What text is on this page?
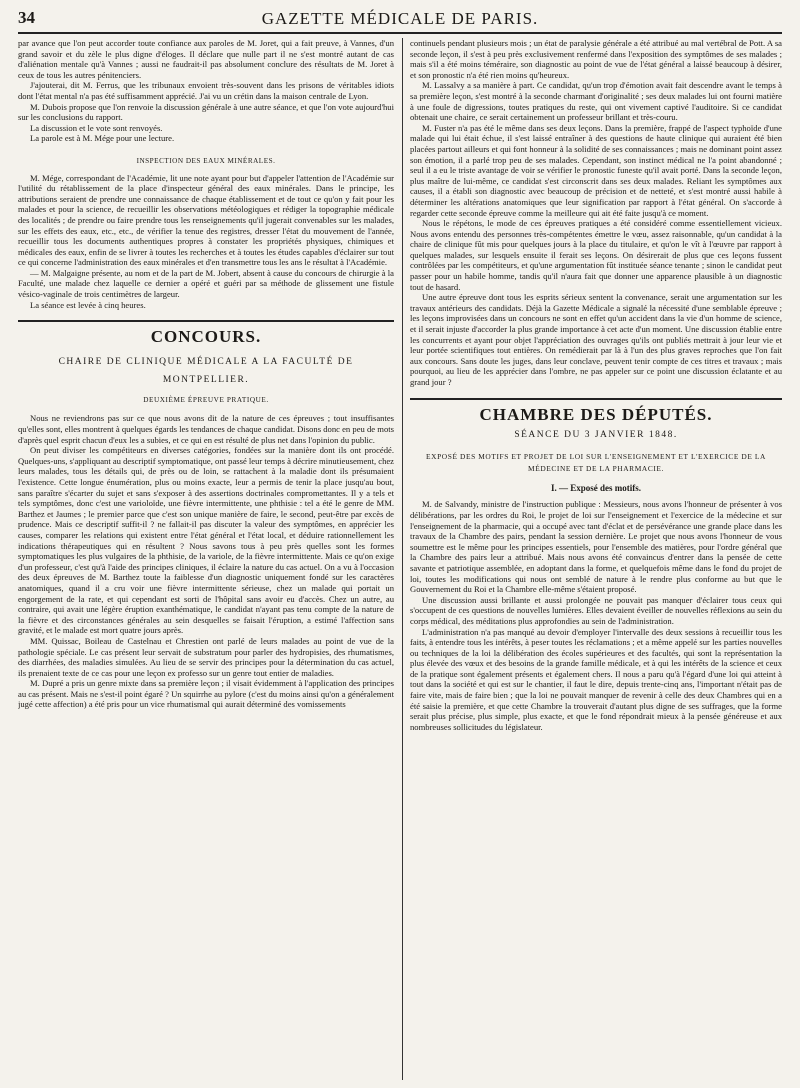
34	GAZETTE MÉDICALE DE PARIS.

par avance que l'on peut accorder toute confiance aux paroles de M. Joret, qui a fait preuve, à Vannes, d'un grand savoir et du zèle le plus digne d'éloges. Il déclare que nulle part il ne s'est montré autant de cas d'aliénation mentale qu'à Vannes ; aussi ne faudrait-il pas absolument conclure des résultats de M. Joret à ceux de tous les autres pénitenciers.

J'ajouterai, dit M. Ferrus, que les tribunaux envoient très-souvent dans les prisons de véritables idiots dont l'état mental n'a pas été suffisamment apprécié. J'ai vu un crétin dans la maison centrale de Lyon.

M. Dubois propose que l'on renvoie la discussion générale à une autre séance, et que l'on vote aujourd'hui sur les conclusions du rapport.

La discussion et le vote sont renvoyés.

La parole est à M. Mége pour une lecture.

INSPECTION DES EAUX MINÉRALES.

M. Mége, correspondant de l'Académie, lit une note ayant pour but d'appeler l'attention de l'Académie sur l'utilité du rétablissement de la place d'inspecteur général des eaux minérales. Dans le principe, les attributions seraient de prendre une connaissance de chaque établissement et de tout ce qu'on y fait pour les malades et pour la science, de recueillir les observations météologiques et rédiger la topographie médicale des localités ; de prendre ou faire prendre tous les renseignements qu'il jugerait convenables sur les malades, sur les effets des eaux, etc., etc., de vérifier la tenue des registres, dresser l'état du mouvement de l'année, recueillir tous les documents authentiques propres à constater les propriétés physiques, chimiques et médicales des eaux, enfin de se livrer à toutes les recherches et à toutes les études capables d'éclairer sur tout ce qui concerne l'administration des eaux minérales et d'en transmettre tous les ans le résultat à l'Académie.

— M. Malgaigne présente, au nom et de la part de M. Jobert, absent à cause du concours de chirurgie à la Faculté, une malade chez laquelle ce dernier a opéré et guéri par sa méthode de glissement une fistule vésico-vaginale de trois centimètres de largeur.

La séance est levée à cinq heures.

CONCOURS.
CHAIRE DE CLINIQUE MÉDICALE A LA FACULTÉ DE MONTPELLIER.
DEUXIÈME ÉPREUVE PRATIQUE.

Nous ne reviendrons pas sur ce que nous avons dit de la nature de ces épreuves ; tout insuffisantes qu'elles sont, elles montrent à quelques égards les tendances de chaque candidat. Disons donc en peu de mots d'après quel esprit chacun d'eux les a subies, et ce qui en est résulté de plus net dans l'opinion du public.

On peut diviser les compétiteurs en diverses catégories, fondées sur la manière dont ils ont procédé. Quelques-uns, s'appliquant au descriptif symptomatique, ont passé leur temps à décrire minutieusement, chez leurs malades, tous les détails qui, de près ou de loin, se rattachent à la maladie dont ils présumaient l'existence. Cette longue énumération, plus ou moins exacte, leur a permis de tenir la place jusqu'au bout, sans paraître s'écarter du sujet et sans s'exposer à des assertions doctrinales compromettantes. Il y a tels et tels symptômes, donc c'est une varioloïde, une fièvre intermittente, une phthisie : tel a été le genre de MM. Barthez et Jaumes ; le premier parce que c'est son unique manière de faire, le second, peut-être par excès de prudence. Mais ce descriptif suffit-il ? ne fallait-il pas discuter la valeur des symptômes, en apprécier les causes, comparer les relations qui existent entre l'état général et l'état local, et déduire rationnellement les indications thérapeutiques qui en résultent ? Nous savons tous à peu près quelles sont les formes symptomatiques les plus vulgaires de la phthisie, de la variole, de la fièvre intermittente. Mais ce qu'on exige d'un professeur, c'est qu'à l'aide des principes cliniques, il éclaire la nature du cas actuel. On a vu à l'occasion des deux épreuves de M. Barthez toute la faiblesse d'un diagnostic uniquement fondé sur les caractères anatomiques, quand il a cru voir une fièvre intermittente sérieuse, chez un malade qui portait un engorgement de la rate, et qui cependant est sorti de l'hôpital sans avoir eu d'accès. Chez un autre, au contraire, qui avait une légère éruption exanthématique, le candidat n'ayant pas tenu compte de la nature de la fièvre et des circonstances générales au sein desquelles se faisait l'éruption, a estimé l'affection sans gravité, et le malade est mort quatre jours après.

MM. Quissac, Boileau de Castelnau et Chrestien ont parlé de leurs malades au point de vue de la pathologie spéciale. Le cas présent leur servait de substratum pour parler des hydropisies, des rhumatismes, des diarrhées, des maladies simulées. Au lieu de se servir des principes pour la détermination du cas actuel, ils prenaient texte de ce cas pour une leçon ex professo sur un genre tout entier de maladies.

M. Dupré a pris un genre mixte dans sa première leçon ; il visait évidemment à l'application des principes au cas présent. Mais ne s'est-il point égaré ? Un squirrhe au pylore (c'est du moins ainsi qu'on a généralement jugé cette affection) a été pris pour un vice rhumatismal qui aurait déterminé des vomissements

continuels pendant plusieurs mois ; un état de paralysie générale a été attribué au mal vertébral de Pott. A sa seconde leçon, il s'est à peu près exclusivement renfermé dans l'exposition des symptômes de ses malades ; mais s'il a été moins téméraire, son diagnostic au point de vue de l'état général a laissé beaucoup à désirer, et son pronostic n'a été rien moins qu'heureux.

M. Lassalvy a sa manière à part. Ce candidat, qu'un trop d'émotion avait fait descendre avant le temps à sa première leçon, s'est montré à la seconde charmant d'originalité ; ses deux malades lui ont fourni matière à une foule de digressions, toutes pratiques du reste, qui ont vivement captivé l'auditoire. Si ce candidat obtenait une chaire, ce serait certainement un professeur brillant et très-couru.

M. Fuster n'a pas été le même dans ses deux leçons. Dans la première, frappé de l'aspect typhoïde d'une malade qui lui était échue, il s'est laissé entraîner à des questions de haute clinique qui auraient été bien placées partout ailleurs et qui font honneur à la solidité de ses connaissances ; mais ne dominant point assez son émotion, il a parlé trop peu de ses malades. Cependant, son instinct médical ne l'a point abandonné ; seul il a eu le triste avantage de voir se vérifier le pronostic funeste qu'il avait porté. Dans la seconde leçon, plus maître de lui-même, ce candidat s'est circonscrit dans ses deux malades. Reliant les symptômes aux causes, il a établi son diagnostic avec beaucoup de précision et de netteté, et s'est montré aussi habile à déterminer les altérations anatomiques que leur signification par rapport à l'état général. On s'accorde à regarder cette seconde épreuve comme la meilleure qui ait été faite jusqu'à ce moment.

Nous le répétons, le mode de ces épreuves pratiques a été considéré comme essentiellement vicieux. Nous avons entendu des personnes très-compétentes émettre le vœu, assez raisonnable, qu'un candidat à la chaire de clinique fût mis pour quelques jours à la place du titulaire, et qu'on le vît à l'œuvre par rapport à quelques malades, sur lesquels ensuite il ferait ses leçons. On désirerait de plus que ces leçons fussent contrôlées par les compétiteurs, et qu'une argumentation fût instituée séance tenante ; sinon le candidat peut passer pour un habile homme, tandis qu'il n'aura fait que donner une apparence plausible à un diagnostic tout de hasard.

Une autre épreuve dont tous les esprits sérieux sentent la convenance, serait une argumentation sur les travaux antérieurs des candidats. Déjà la Gazette Médicale a signalé la nécessité d'une semblable épreuve ; les leçons improvisées dans un concours ne sont en effet qu'un accident dans la vie d'un homme de science, et il serait injuste d'accorder la plus grande importance à cet acte d'un moment. Une discussion établie entre les concurrents et ayant pour objet l'appréciation des ouvrages qu'ils ont publiés mettrait à jour leur vie et leur portée scientifiques tout entières. On remédierait par là à l'un des plus graves reproches que l'on fait aux concours. Sans doute les juges, dans leur conclave, peuvent tenir compte de ces titres et travaux ; mais pourquoi, au lieu de les apprécier dans l'ombre, ne pas appeler sur ce point une discussion éclatante et au grand jour ?

CHAMBRE DES DÉPUTÉS.
SÉANCE DU 3 JANVIER 1848.
EXPOSÉ DES MOTIFS ET PROJET DE LOI SUR L'ENSEIGNEMENT ET L'EXERCICE DE LA MÉDECINE ET DE LA PHARMACIE.
I. — Exposé des motifs.

M. de Salvandy, ministre de l'instruction publique : Messieurs, nous avons l'honneur de présenter à vos délibérations, par les ordres du Roi, le projet de loi sur l'enseignement et l'exercice de la médecine et sur l'enseignement de la pharmacie, qui a occupé avec tant d'éclat et de persévérance une grande place dans les travaux de la Chambre des pairs, pendant la session dernière. Le projet que nous avons l'honneur de vous soumettre est le même pour les principes essentiels, pour l'ensemble des matières, pour l'ordre général que la Chambre des pairs leur a attribué. Mais nous avons été convaincus d'entrer dans la pensée de cette savante et patriotique assemblée, en adoptant dans la forme, et quelquefois même dans le fond du projet de loi, toutes les modifications qui nous ont semblé de nature à le rendre plus conforme au but que le Gouvernement du Roi et la Chambre elle-même s'étaient proposé.

Une discussion aussi brillante et aussi prolongée ne pouvait pas manquer d'éclairer tous ceux qui s'occupent de ces questions de nouvelles lumières. Elles devaient éveiller de nouvelles réflexions au sein du corps médical, des méditations plus approfondies au sein de l'administration.

L'administration n'a pas manqué au devoir d'employer l'intervalle des deux sessions à recueillir tous les faits, à entendre tous les intérêts, à peser toutes les réclamations ; et a même appelé sur les parties nouvelles ou techniques de la loi la délibération des écoles supérieures et des facultés, qui sont la représentation la plus élevée des vœux et des besoins de la grande famille médicale, et à qui les intérêts de la science et ceux de la pratique sont également présents et également chers. Il nous a paru qu'à l'égard d'une loi qui atteint à tout dans la société et qui est sur le chantier, il faut le dire, depuis trente-cinq ans, l'important n'était pas de faire vite, mais de faire bien ; que la loi ne pouvait manquer de revenir à celle des deux Chambres qui en a été saisie la première, et que cette Chambre la trouverait d'autant plus digne de ses suffrages, que la forme serait plus précise, plus simple, plus exacte, et que le fond répondrait mieux à la pensée généreuse et aux nombreuses sollicitudes du législateur.
